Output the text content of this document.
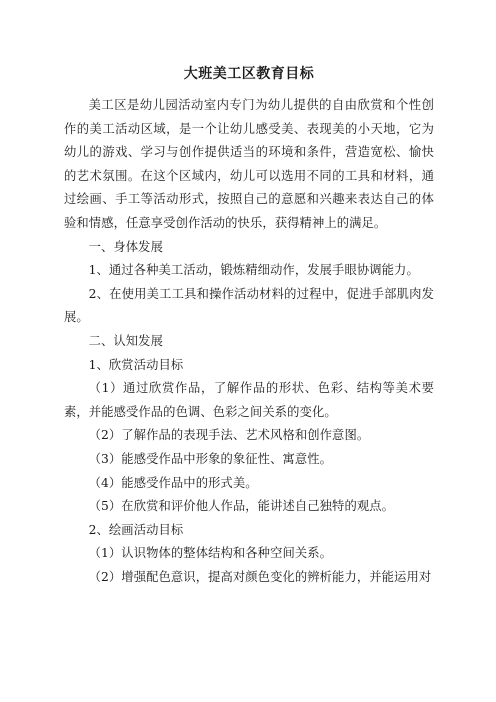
大班美工区教育目标

美工区是幼儿园活动室内专门为幼儿提供的自由欣赏和个性创作的美工活动区域，是一个让幼儿感受美、表现美的小天地，它为幼儿的游戏、学习与创作提供适当的环境和条件，营造宽松、愉快的艺术氛围。在这个区域内，幼儿可以选用不同的工具和材料，通过绘画、手工等活动形式，按照自己的意愿和兴趣来表达自己的体验和情感，任意享受创作活动的快乐，获得精神上的满足。

一、身体发展

1、通过各种美工活动，锻炼精细动作，发展手眼协调能力。

2、在使用美工工具和操作活动材料的过程中，促进手部肌肉发展。

二、认知发展

1、欣赏活动目标

（1）通过欣赏作品，了解作品的形状、色彩、结构等美术要素，并能感受作品的色调、色彩之间关系的变化。

（2）了解作品的表现手法、艺术风格和创作意图。

（3）能感受作品中形象的象征性、寓意性。

（4）能感受作品中的形式美。

（5）在欣赏和评价他人作品，能讲述自己独特的观点。

2、绘画活动目标

（1）认识物体的整体结构和各种空间关系。

（2）增强配色意识，提高对颜色变化的辨析能力，并能运用对
